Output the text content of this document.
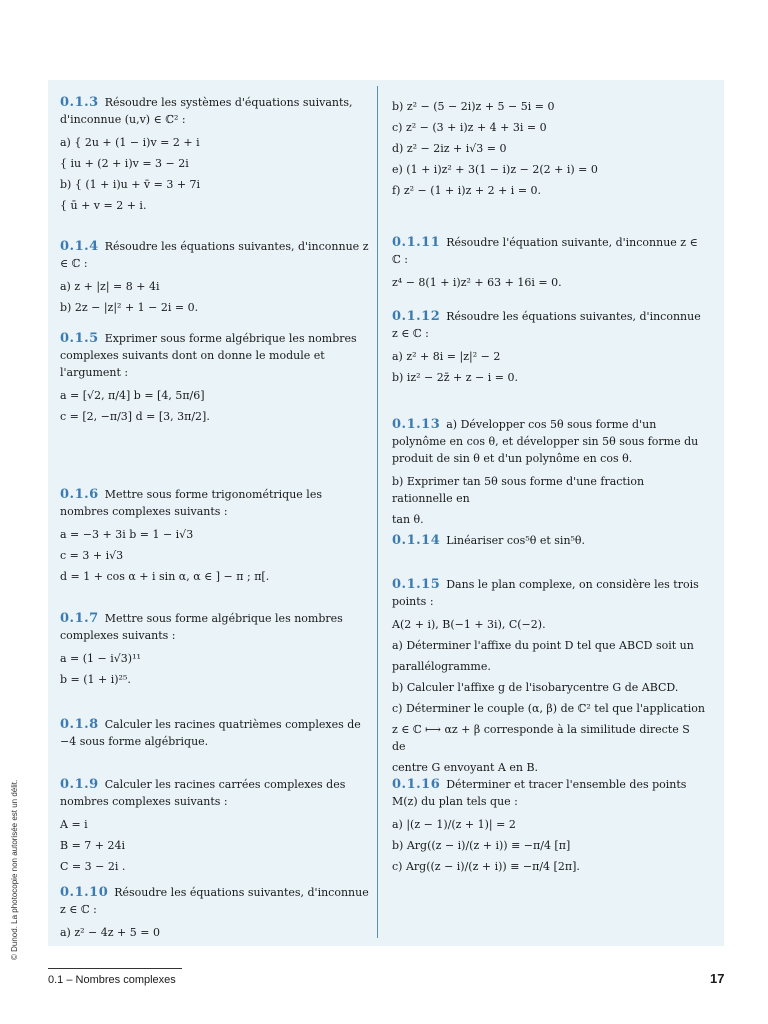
0.1.3 Résoudre les systèmes d'équations suivants, d'inconnue (u,v) ∈ ℂ² :
a) { 2u + (1 − i)v = 2 + i
{ iu + (2 + i)v = 3 − 2i
b) { (1 + i)u + v̄ = 3 + 7i
{ ū + v = 2 + i.
0.1.4 Résoudre les équations suivantes, d'inconnue z ∈ ℂ :
a) z + |z| = 8 + 4i
b) 2z − |z|² + 1 − 2i = 0.
0.1.5 Exprimer sous forme algébrique les nombres complexes suivants dont on donne le module et l'argument :
a = [√2, π/4] b = [4, 5π/6]
c = [2, −π/3] d = [3, 3π/2].
0.1.6 Mettre sous forme trigonométrique les nombres complexes suivants :
a = −3 + 3i b = 1 − i√3
c = 3 + i√3
d = 1 + cos α + i sin α, α ∈ ] − π ; π[.
0.1.7 Mettre sous forme algébrique les nombres complexes suivants :
a = (1 − i√3)¹¹
b = (1 + i)²⁵.
0.1.8 Calculer les racines quatrièmes complexes de −4 sous forme algébrique.
0.1.9 Calculer les racines carrées complexes des nombres complexes suivants :
A = i
B = 7 + 24i
C = 3 − 2i .
0.1.10 Résoudre les équations suivantes, d'inconnue z ∈ ℂ :
a) z² − 4z + 5 = 0
b) z² − (5 − 2i)z + 5 − 5i = 0
c) z² − (3 + i)z + 4 + 3i = 0
d) z² − 2iz + i√3 = 0
e) (1 + i)z² + 3(1 − i)z − 2(2 + i) = 0
f) z² − (1 + i)z + 2 + i = 0.
0.1.11 Résoudre l'équation suivante, d'inconnue z ∈ ℂ :
z⁴ − 8(1 + i)z² + 63 + 16i = 0.
0.1.12 Résoudre les équations suivantes, d'inconnue z ∈ ℂ :
a) z² + 8i = |z|² − 2
b) iz² − 2z̄ + z − i = 0.
0.1.13 a) Développer cos 5θ sous forme d'un polynôme en cos θ, et développer sin 5θ sous forme du produit de sin θ et d'un polynôme en cos θ.
b) Exprimer tan 5θ sous forme d'une fraction rationnelle en
tan θ.
0.1.14 Linéariser cos⁵θ et sin⁵θ.
0.1.15 Dans le plan complexe, on considère les trois points :
A(2 + i), B(−1 + 3i), C(−2).
a) Déterminer l'affixe du point D tel que ABCD soit un
parallélogramme.
b) Calculer l'affixe g de l'isobarycentre G de ABCD.
c) Déterminer le couple (α, β) de ℂ² tel que l'application
z ∈ ℂ ⟼ αz + β corresponde à la similitude directe S de
centre G envoyant A en B.
0.1.16 Déterminer et tracer l'ensemble des points M(z) du plan tels que :
a) |(z − 1)/(z + 1)| = 2
b) Arg((z − i)/(z + i)) ≡ −π/4 [π]
c) Arg((z − i)/(z + i)) ≡ −π/4 [2π].
© Dunod. La photocopie non autorisée est un délit.
0.1 – Nombres complexes	17
